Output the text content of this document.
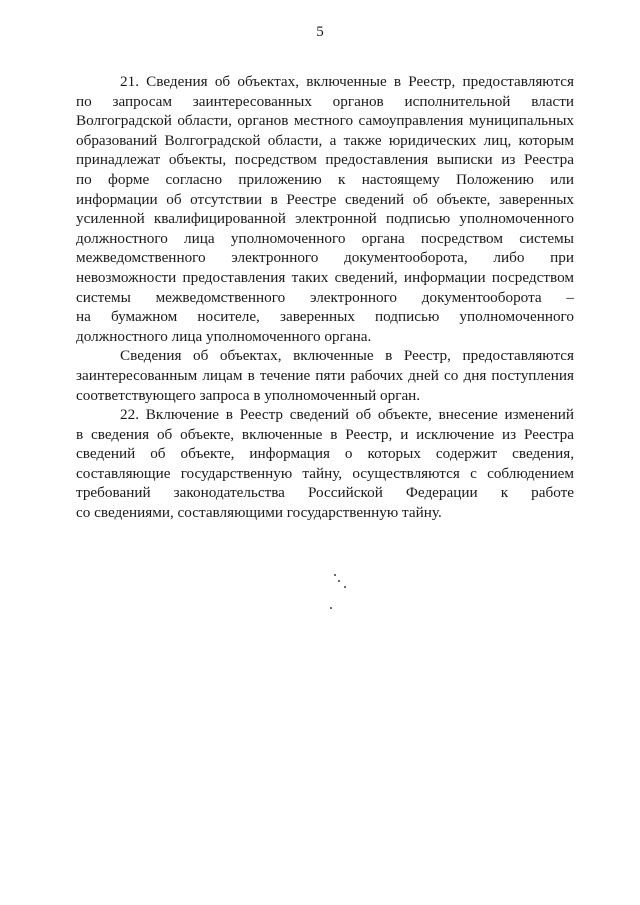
5
21. Сведения об объектах, включенные в Реестр, предоставляются
по запросам заинтересованных органов исполнительной власти
Волгоградской области, органов местного самоуправления муниципальных
образований Волгоградской области, а также юридических лиц, которым
принадлежат объекты, посредством предоставления выписки из Реестра
по форме согласно приложению к настоящему Положению или
информации об отсутствии в Реестре сведений об объекте, заверенных
усиленной квалифицированной электронной подписью уполномоченного
должностного лица уполномоченного органа посредством системы
межведомственного электронного документооборота, либо при
невозможности предоставления таких сведений, информации посредством
системы межведомственного электронного документооборота –
на бумажном носителе, заверенных подписью уполномоченного
должностного лица уполномоченного органа.
Сведения об объектах, включенные в Реестр, предоставляются
заинтересованным лицам в течение пяти рабочих дней со дня поступления
соответствующего запроса в уполномоченный орган.
22. Включение в Реестр сведений об объекте, внесение изменений
в сведения об объекте, включенные в Реестр, и исключение из Реестра
сведений об объекте, информация о которых содержит сведения,
составляющие государственную тайну, осуществляются с соблюдением
требований законодательства Российской Федерации к работе
со сведениями, составляющими государственную тайну.
